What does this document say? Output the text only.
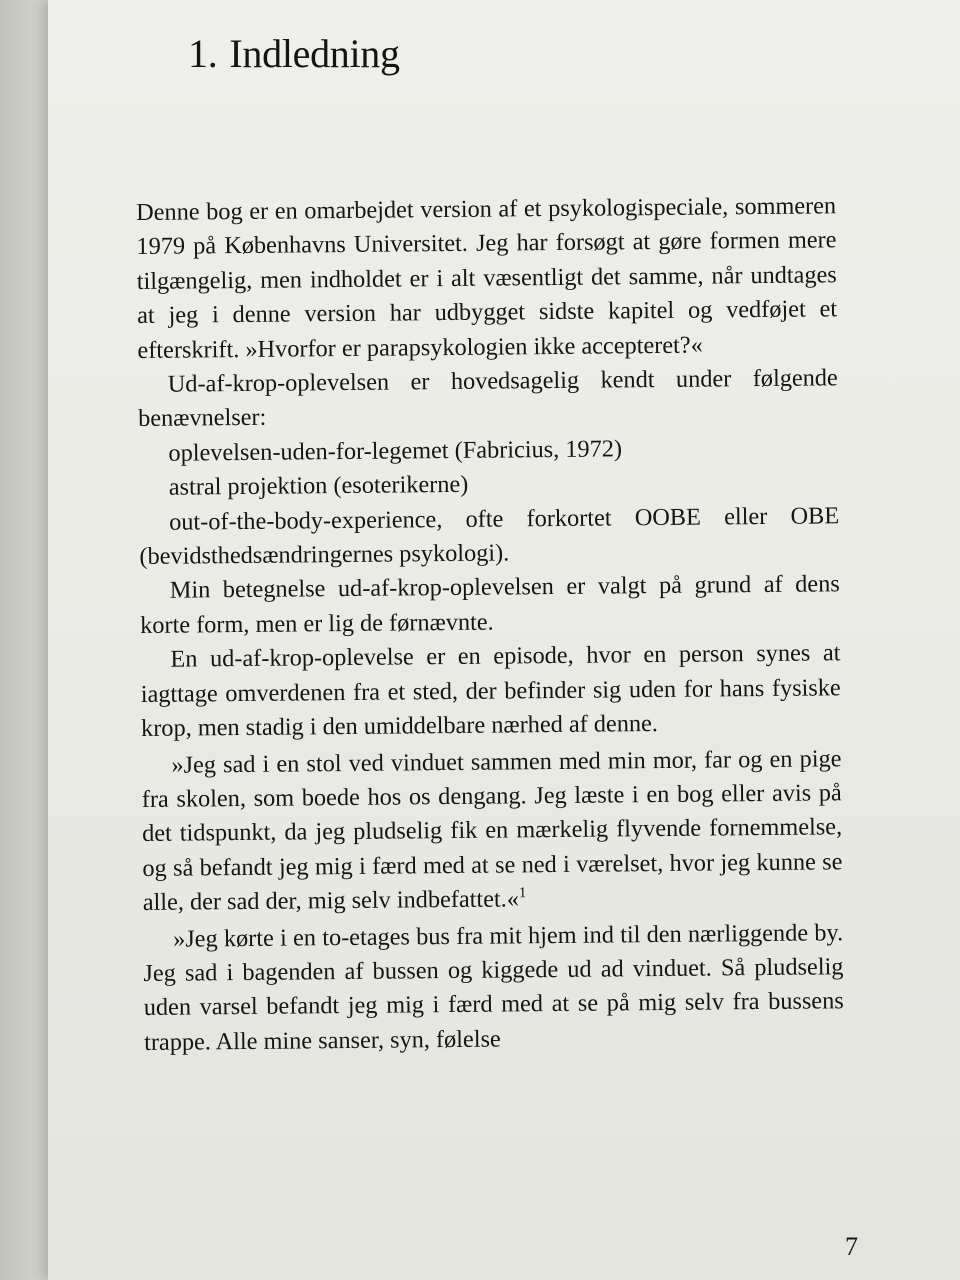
1. Indledning

Denne bog er en omarbejdet version af et psykologispeciale, sommeren 1979 på Københavns Universitet. Jeg har forsøgt at gøre formen mere tilgængelig, men indholdet er i alt væsentligt det samme, når undtages at jeg i denne version har udbygget sidste kapitel og vedføjet et efterskrift. »Hvorfor er parapsykologien ikke accepteret?«

Ud-af-krop-oplevelsen er hovedsagelig kendt under følgende benævnelser:

oplevelsen-uden-for-legemet (Fabricius, 1972)

astral projektion (esoterikerne)

out-of-the-body-experience, ofte forkortet OOBE eller OBE (bevidsthedsændringernes psykologi).

Min betegnelse ud-af-krop-oplevelsen er valgt på grund af dens korte form, men er lig de førnævnte.

En ud-af-krop-oplevelse er en episode, hvor en person synes at iagttage omverdenen fra et sted, der befinder sig uden for hans fysiske krop, men stadig i den umiddelbare nærhed af denne.

»Jeg sad i en stol ved vinduet sammen med min mor, far og en pige fra skolen, som boede hos os dengang. Jeg læste i en bog eller avis på det tidspunkt, da jeg pludselig fik en mærkelig flyvende fornemmelse, og så befandt jeg mig i færd med at se ned i værelset, hvor jeg kunne se alle, der sad der, mig selv indbefattet.«$^1$

»Jeg kørte i en to-etages bus fra mit hjem ind til den nærliggende by. Jeg sad i bagenden af bussen og kiggede ud ad vinduet. Så pludselig uden varsel befandt jeg mig i færd med at se på mig selv fra bussens trappe. Alle mine sanser, syn, følelse

7
